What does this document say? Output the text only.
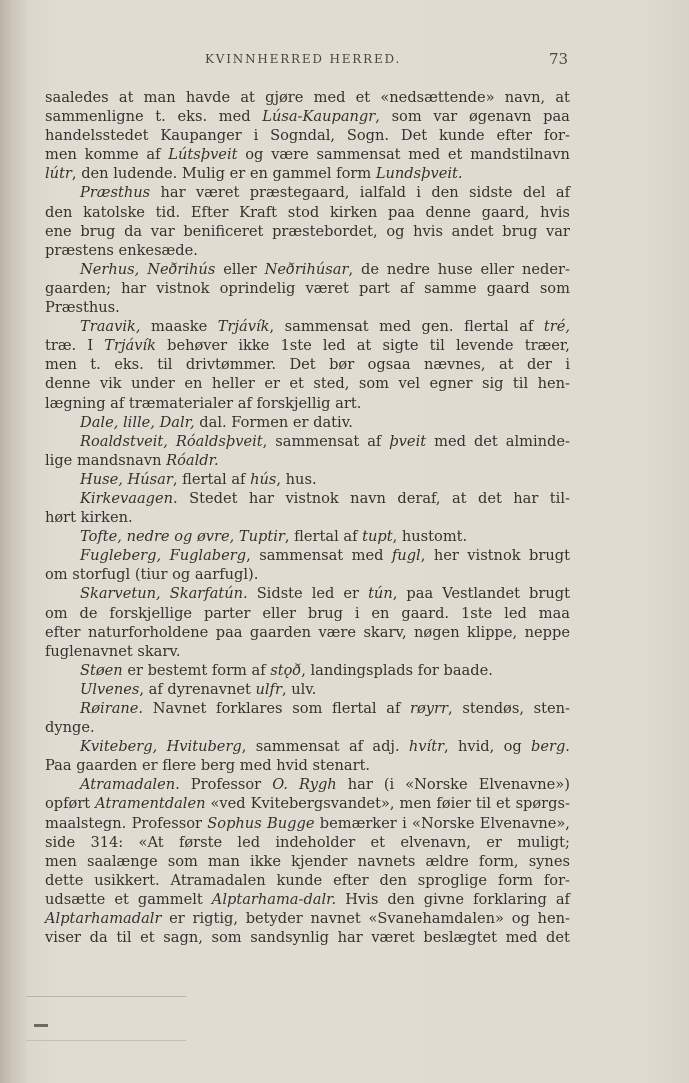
KVINNHERRED HERRED.	73
saaledes at man havde at gjøre med et «nedsættende» navn, at
sammenligne t. eks. med Lúsa-Kaupangr, som var øgenavn paa
handelsstedet Kaupanger i Sogndal, Sogn. Det kunde efter for-
men komme af Lútsþveit og være sammensat med et mandstilnavn
lútr , den ludende. Mulig er en gammel form Lundsþveit.
Præsthus har været præstegaard, ialfald i den sidste del af
den katolske tid. Efter Kraft stod kirken paa denne gaard, hvis
ene brug da var benificeret præstebordet, og hvis andet brug var
præstens enkesæde.
Nerhus, Neðrihús eller Neðrihúsar, de nedre huse eller neder-
gaarden; har vistnok oprindelig været part af samme gaard som
Præsthus.
Traavik, maaske Trjávík, sammensat med gen. flertal af tré,
træ. I Trjávík behøver ikke 1ste led at sigte til levende træer,
men t. eks. til drivtømmer. Det bør ogsaa nævnes, at der i
denne vik under en heller er et sted, som vel egner sig til hen-
lægning af træmaterialer af forskjellig art.
Dale, lille, Dalr, dal. Formen er dativ.
Roaldstveit, Róaldsþveit, sammensat af þveit med det alminde-
lige mandsnavn Róaldr.
Huse, Húsar , flertal af hús , hus.
Kirkevaagen. Stedet har vistnok navn deraf, at det har til-
hørt kirken.
Tofte, nedre og øvre, Tuptir , flertal af tupt , hustomt.
Fugleberg, Fuglaberg, sammensat med fugl, her vistnok brugt
om storfugl (tiur og aarfugl).
Skarvetun, Skarfatún. Sidste led er tún, paa Vestlandet brugt
om de forskjellige parter eller brug i en gaard. 1ste led maa
efter naturforholdene paa gaarden være skarv, nøgen klippe, neppe
fuglenavnet skarv.
Støen er bestemt form af stǫð , landingsplads for baade.
Ulvenes , af dyrenavnet ulfr , ulv.
Røirane. Navnet forklares som flertal af røyrr, stendøs, sten-
dynge.
Kviteberg, Hvituberg, sammensat af adj. hvítr, hvid, og berg.
Paa gaarden er flere berg med hvid stenart.
Atramadalen. Professor O. Rygh har (i «Norske Elvenavne»)
opført Atramentdalen «ved Kvitebergsvandet», men føier til et spørgs-
maalstegn. Professor Sophus Bugge bemærker i «Norske Elvenavne»,
side 314: «At første led indeholder et elvenavn, er muligt;
men saalænge som man ikke kjender navnets ældre form, synes
dette usikkert. Atramadalen kunde efter den sproglige form for-
udsætte et gammelt Alptarhama-dalr. Hvis den givne forklaring af
Alptarhamadalr er rigtig, betyder navnet «Svanehamdalen» og hen-
viser da til et sagn, som sandsynlig har været beslægtet med det
